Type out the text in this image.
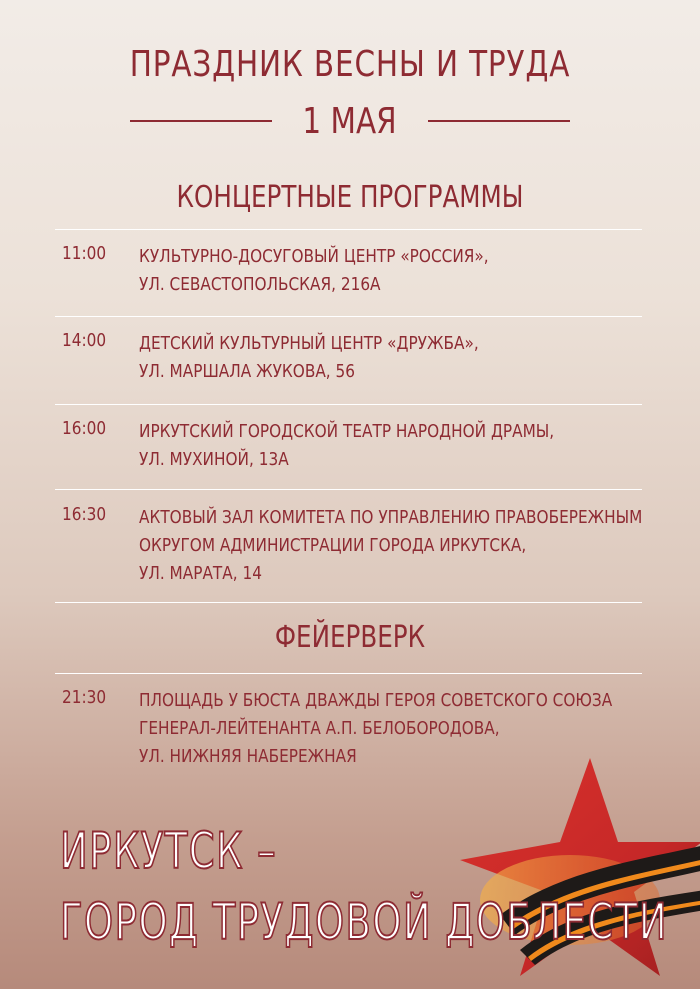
ПРАЗДНИК ВЕСНЫ И ТРУДА
1 МАЯ
КОНЦЕРТНЫЕ ПРОГРАММЫ
11:00 КУЛЬТУРНО-ДОСУГОВЫЙ ЦЕНТР «РОССИЯ»,
УЛ. СЕВАСТОПОЛЬСКАЯ, 216А
14:00 ДЕТСКИЙ КУЛЬТУРНЫЙ ЦЕНТР «ДРУЖБА»,
УЛ. МАРШАЛА ЖУКОВА, 56
16:00 ИРКУТСКИЙ ГОРОДСКОЙ ТЕАТР НАРОДНОЙ ДРАМЫ,
УЛ. МУХИНОЙ, 13А
16:30 АКТОВЫЙ ЗАЛ КОМИТЕТА ПО УПРАВЛЕНИЮ ПРАВОБЕРЕЖНЫМ
ОКРУГОМ АДМИНИСТРАЦИИ ГОРОДА ИРКУТСКА,
УЛ. МАРАТА, 14
ФЕЙЕРВЕРК
21:30 ПЛОЩАДЬ У БЮСТА ДВАЖДЫ ГЕРОЯ СОВЕТСКОГО СОЮЗА
ГЕНЕРАЛ-ЛЕЙТЕНАНТА А.П. БЕЛОБОРОДОВА,
УЛ. НИЖНЯЯ НАБЕРЕЖНАЯ
ИРКУТСК –
ГОРОД ТРУДОВОЙ ДОБЛЕСТИ
